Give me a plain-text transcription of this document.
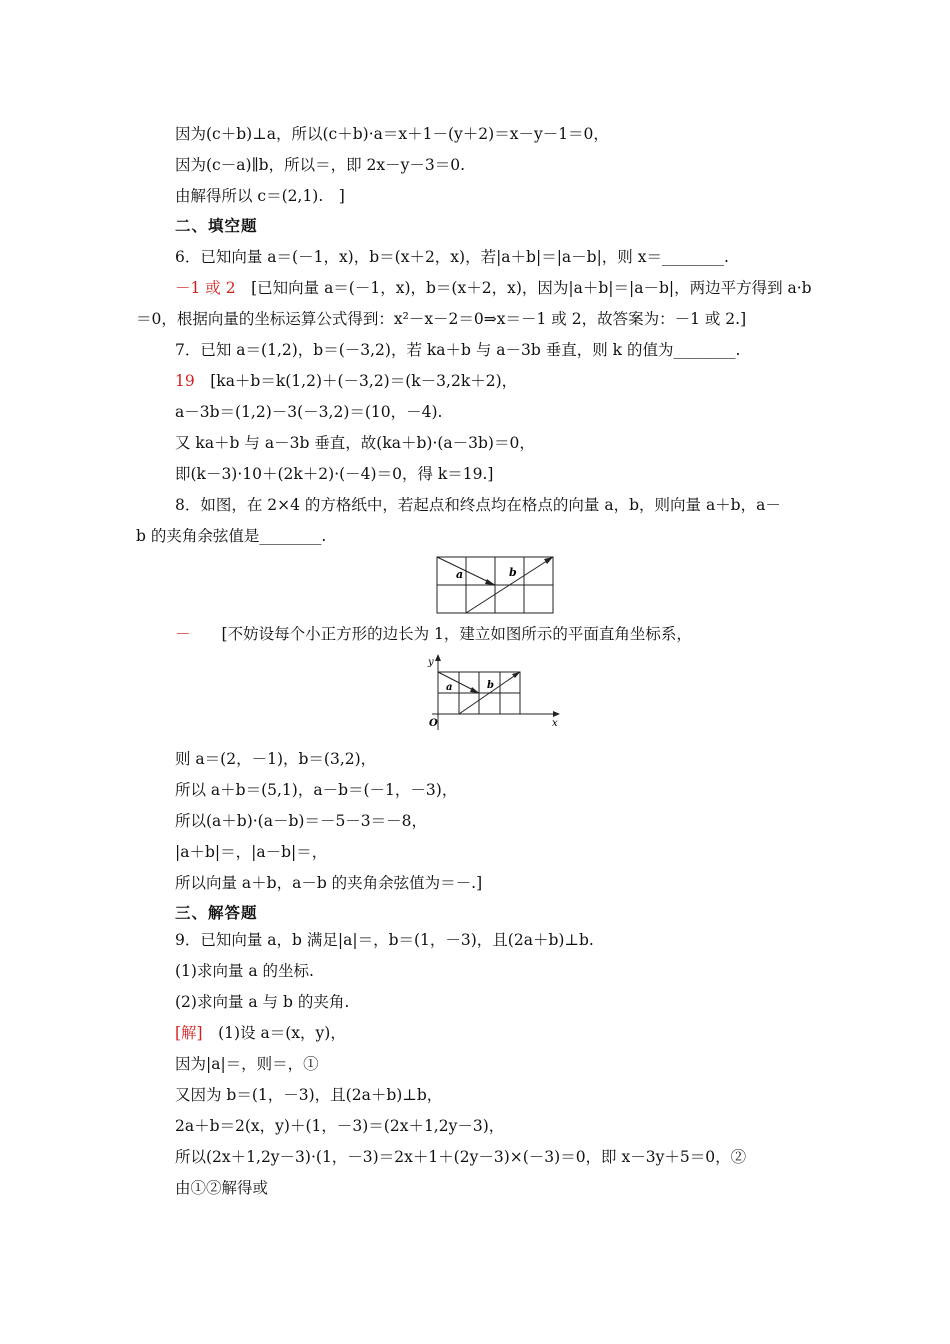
因为(c＋b)⊥a，所以(c＋b)·a＝x＋1－(y＋2)＝x－y－1＝0，
因为(c－a)∥b，所以＝，即 2x－y－3＝0.
由解得所以 c＝(2,1).　]
二、填空题
6．已知向量 a＝(－1，x)，b＝(x＋2，x)，若|a＋b|＝|a－b|，则 x＝________.
－1 或 2　 [已知向量 a＝(－1，x)，b＝(x＋2，x)，因为|a＋b|＝|a－b|，两边平方得到 a·b
＝0，根据向量的坐标运算公式得到：x²－x－2＝0⇒x＝－1 或 2，故答案为：－1 或 2.]
7．已知 a＝(1,2)，b＝(－3,2)，若 ka＋b 与 a－3b 垂直，则 k 的值为________.
19　 [ka＋b＝k(1,2)＋(－3,2)＝(k－3,2k＋2)，
a－3b＝(1,2)－3(－3,2)＝(10，－4).
又 ka＋b 与 a－3b 垂直，故(ka＋b)·(a－3b)＝0，
即(k－3)·10＋(2k＋2)·(－4)＝0，得 k＝19.]
8．如图，在 2×4 的方格纸中，若起点和终点均在格点的向量 a，b，则向量 a＋b，a－
b 的夹角余弦值是________.
a	b
－　　 [不妨设每个小正方形的边长为 1，建立如图所示的平面直角坐标系，
y
x
O
a	b
则 a＝(2，－1)，b＝(3,2)，
所以 a＋b＝(5,1)，a－b＝(－1，－3)，
所以(a＋b)·(a－b)＝－5－3＝－8，
|a＋b|＝，|a－b|＝，
所以向量 a＋b，a－b 的夹角余弦值为＝－.]
三、解答题
9．已知向量 a，b 满足|a|＝，b＝(1，－3)，且(2a＋b)⊥b.
(1)求向量 a 的坐标.
(2)求向量 a 与 b 的夹角.
[解]　 (1)设 a＝(x，y)，
因为|a|＝，则＝，①
又因为 b＝(1，－3)，且(2a＋b)⊥b，
2a＋b＝2(x，y)＋(1，－3)＝(2x＋1,2y－3)，
所以(2x＋1,2y－3)·(1，－3)＝2x＋1＋(2y－3)×(－3)＝0，即 x－3y＋5＝0，②
由①②解得或
